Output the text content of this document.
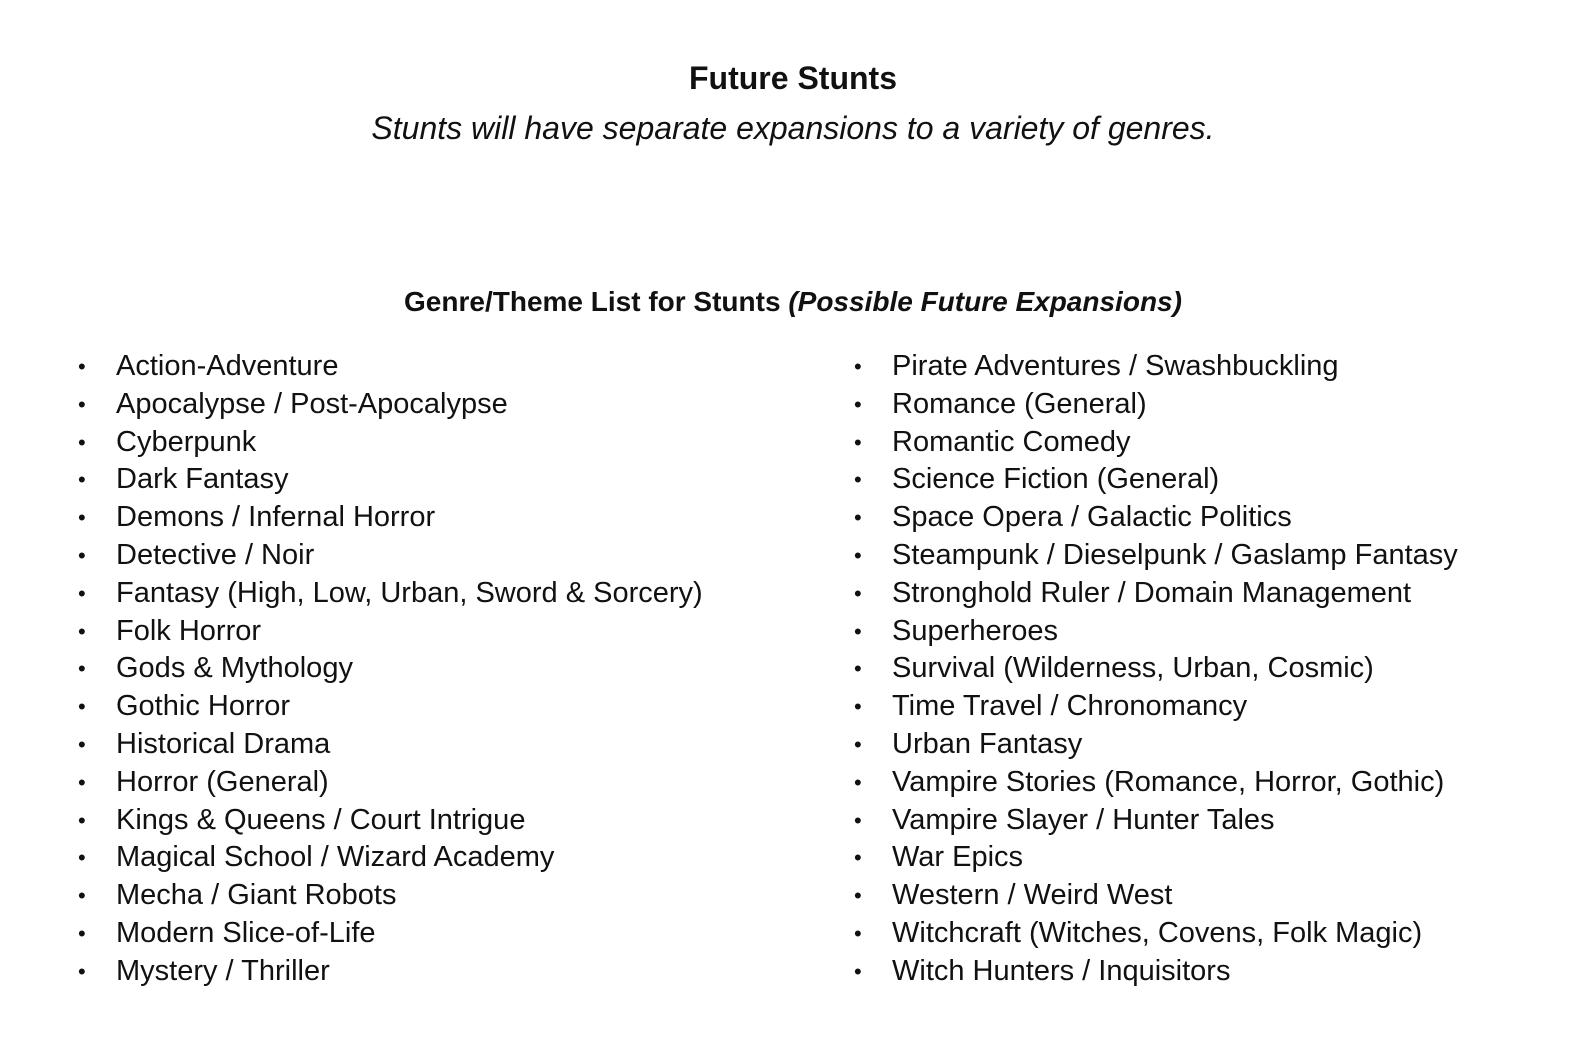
Future Stunts

Stunts will have separate expansions to a variety of genres.

Genre/Theme List for Stunts (Possible Future Expansions)
• Action-Adventure
• Apocalypse / Post-Apocalypse
• Cyberpunk
• Dark Fantasy
• Demons / Infernal Horror
• Detective / Noir
• Fantasy (High, Low, Urban, Sword & Sorcery)
• Folk Horror
• Gods & Mythology
• Gothic Horror
• Historical Drama
• Horror (General)
• Kings & Queens / Court Intrigue
• Magical School / Wizard Academy
• Mecha / Giant Robots
• Modern Slice-of-Life
• Mystery / Thriller
• Pirate Adventures / Swashbuckling
• Romance (General)
• Romantic Comedy
• Science Fiction (General)
• Space Opera / Galactic Politics
• Steampunk / Dieselpunk / Gaslamp Fantasy
• Stronghold Ruler / Domain Management
• Superheroes
• Survival (Wilderness, Urban, Cosmic)
• Time Travel / Chronomancy
• Urban Fantasy
• Vampire Stories (Romance, Horror, Gothic)
• Vampire Slayer / Hunter Tales
• War Epics
• Western / Weird West
• Witchcraft (Witches, Covens, Folk Magic)
• Witch Hunters / Inquisitors
